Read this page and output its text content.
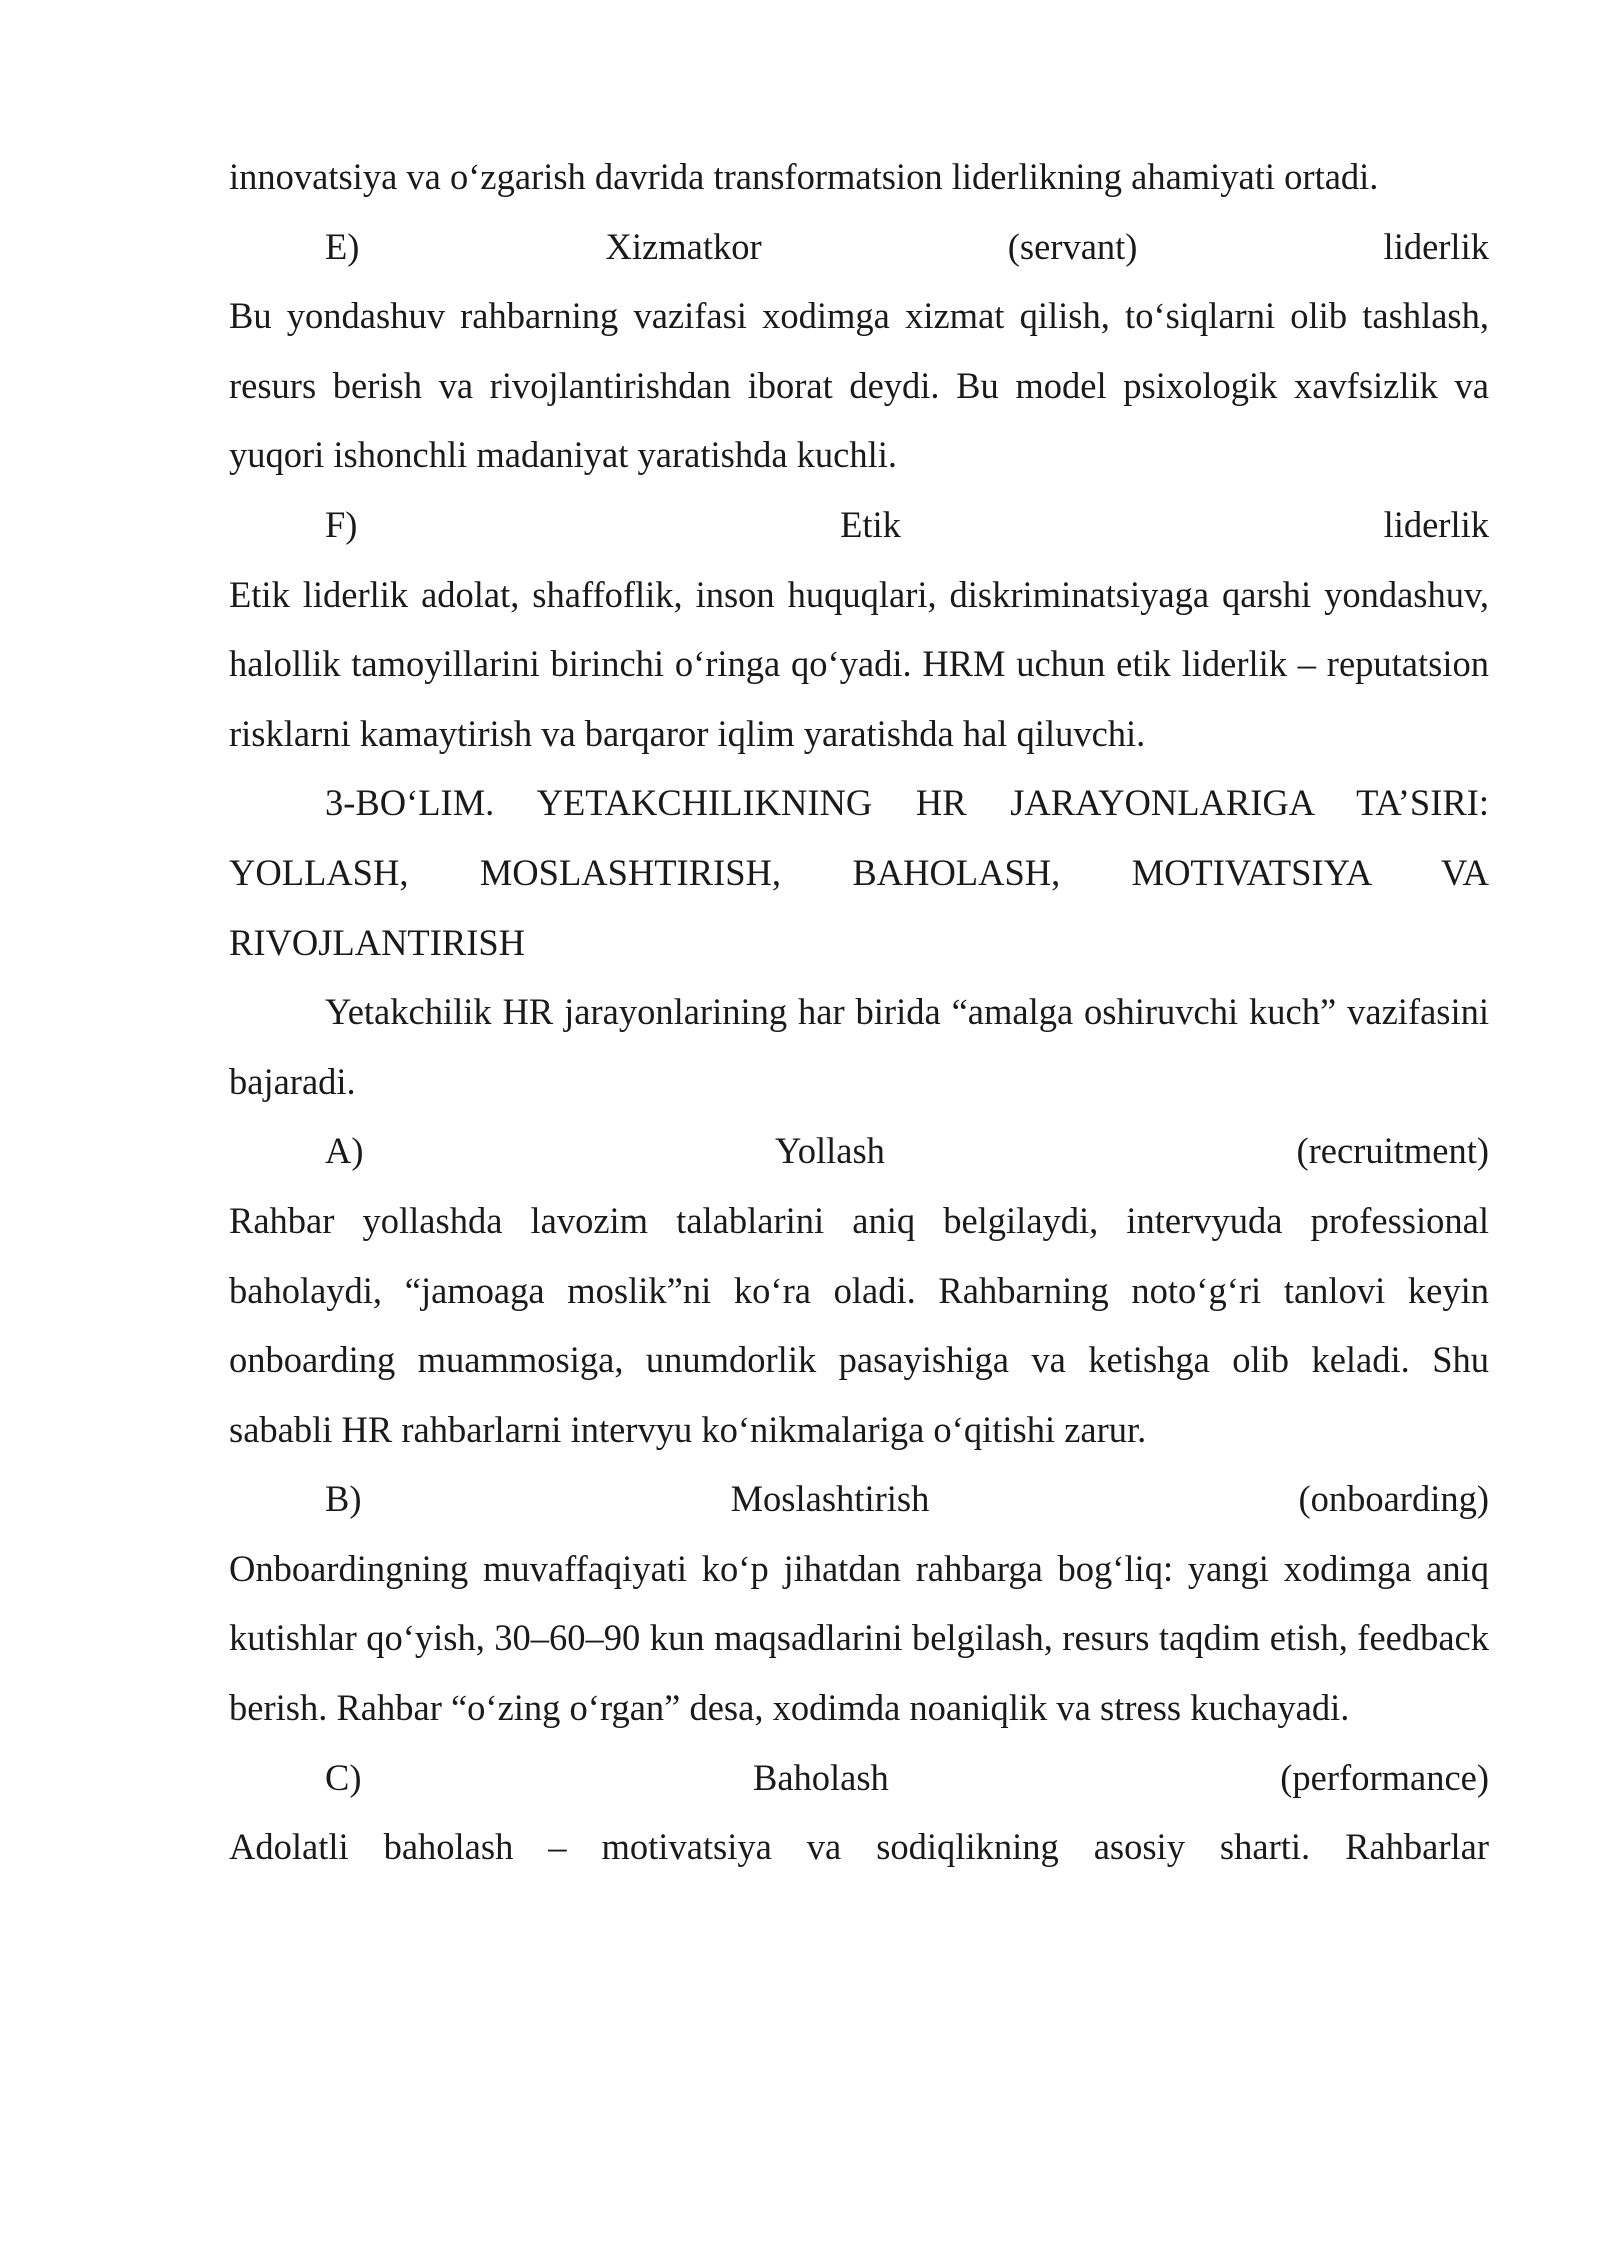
innovatsiya va o‘zgarish davrida transformatsion liderlikning ahamiyati ortadi.

E)	Xizmatkor	(servant)	liderlik

Bu yondashuv rahbarning vazifasi xodimga xizmat qilish, to‘siqlarni olib tashlash, resurs berish va rivojlantirishdan iborat deydi. Bu model psixologik xavfsizlik va yuqori ishonchli madaniyat yaratishda kuchli.

F)	Etik	liderlik

Etik liderlik adolat, shaffoflik, inson huquqlari, diskriminatsiyaga qarshi yondashuv, halollik tamoyillarini birinchi o‘ringa qo‘yadi. HRM uchun etik liderlik – reputatsion risklarni kamaytirish va barqaror iqlim yaratishda hal qiluvchi.

3-BO‘LIM. YETAKCHILIKNING HR JARAYONLARIGA TA’SIRI: YOLLASH, MOSLASHTIRISH, BAHOLASH, MOTIVATSIYA VA RIVOJLANTIRISH

Yetakchilik HR jarayonlarining har birida “amalga oshiruvchi kuch” vazifasini bajaradi.

A)	Yollash	(recruitment)

Rahbar yollashda lavozim talablarini aniq belgilaydi, intervyuda professional baholaydi, “jamoaga moslik”ni ko‘ra oladi. Rahbarning noto‘g‘ri tanlovi keyin onboarding muammosiga, unumdorlik pasayishiga va ketishga olib keladi. Shu sababli HR rahbarlarni intervyu ko‘nikmalariga o‘qitishi zarur.

B)	Moslashtirish	(onboarding)

Onboardingning muvaffaqiyati ko‘p jihatdan rahbarga bog‘liq: yangi xodimga aniq kutishlar qo‘yish, 30–60–90 kun maqsadlarini belgilash, resurs taqdim etish, feedback berish. Rahbar “o‘zing o‘rgan” desa, xodimda noaniqlik va stress kuchayadi.

C)	Baholash	(performance)

Adolatli baholash – motivatsiya va sodiqlikning asosiy sharti. Rahbarlar
